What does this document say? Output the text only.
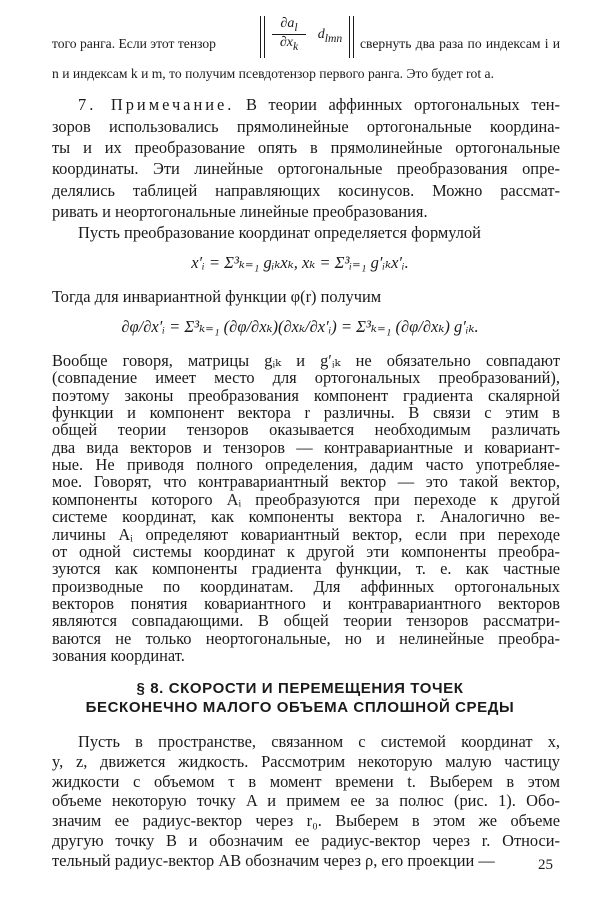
того ранга. Если этот тензор	$\frac{\partial a_l}{\partial x_k} d_{lmn}$	свернуть два раза по индексам i и
n и индексам k и m, то получим псевдотензор первого ранга. Это будет rot a.
7. Примечание. В теории аффинных ортогональных тен-
зоров использовались прямолинейные ортогональные координа-
ты и их преобразование опять в прямолинейные ортогональные
координаты. Эти линейные ортогональные преобразования опре-
делялись таблицей направляющих косинусов. Можно рассмат-
ривать и неортогональные линейные преобразования.
Пусть преобразование координат определяется формулой
x′ᵢ = Σ³ₖ₌₁ gᵢₖxₖ, xₖ = Σ³ᵢ₌₁ g′ᵢₖx′ᵢ.
Тогда для инвариантной функции φ(r) получим
∂φ/∂x′ᵢ = Σ³ₖ₌₁ (∂φ/∂xₖ)(∂xₖ/∂x′ᵢ) = Σ³ₖ₌₁ (∂φ/∂xₖ) g′ᵢₖ.
Вообще говоря, матрицы gᵢₖ и g′ᵢₖ не обязательно совпадают
(совпадение имеет место для ортогональных преобразований),
поэтому законы преобразования компонент градиента скалярной
функции и компонент вектора r различны. В связи с этим в
общей теории тензоров оказывается необходимым различать
два вида векторов и тензоров — контравариантные и ковариант-
ные. Не приводя полного определения, дадим часто употребляе-
мое. Говорят, что контравариантный вектор — это такой вектор,
компоненты которого Aᵢ преобразуются при переходе к другой
системе координат, как компоненты вектора r. Аналогично ве-
личины Aᵢ определяют ковариантный вектор, если при переходе
от одной системы координат к другой эти компоненты преобра-
зуются как компоненты градиента функции, т. е. как частные
производные по координатам. Для аффинных ортогональных
векторов понятия ковариантного и контравариантного векторов
являются совпадающими. В общей теории тензоров рассматри-
ваются не только неортогональные, но и нелинейные преобра-
зования координат.
§ 8. СКОРОСТИ И ПЕРЕМЕЩЕНИЯ ТОЧЕК
БЕСКОНЕЧНО МАЛОГО ОБЪЕМА СПЛОШНОЙ СРЕДЫ
Пусть в пространстве, связанном с системой координат x,
y, z, движется жидкость. Рассмотрим некоторую малую частицу
жидкости с объемом τ в момент времени t. Выберем в этом
объеме некоторую точку A и примем ее за полюс (рис. 1). Обо-
значим ее радиус-вектор через r₀. Выберем в этом же объеме
другую точку B и обозначим ее радиус-вектор через r. Относи-
тельный радиус-вектор AB обозначим через ρ, его проекции —	25
